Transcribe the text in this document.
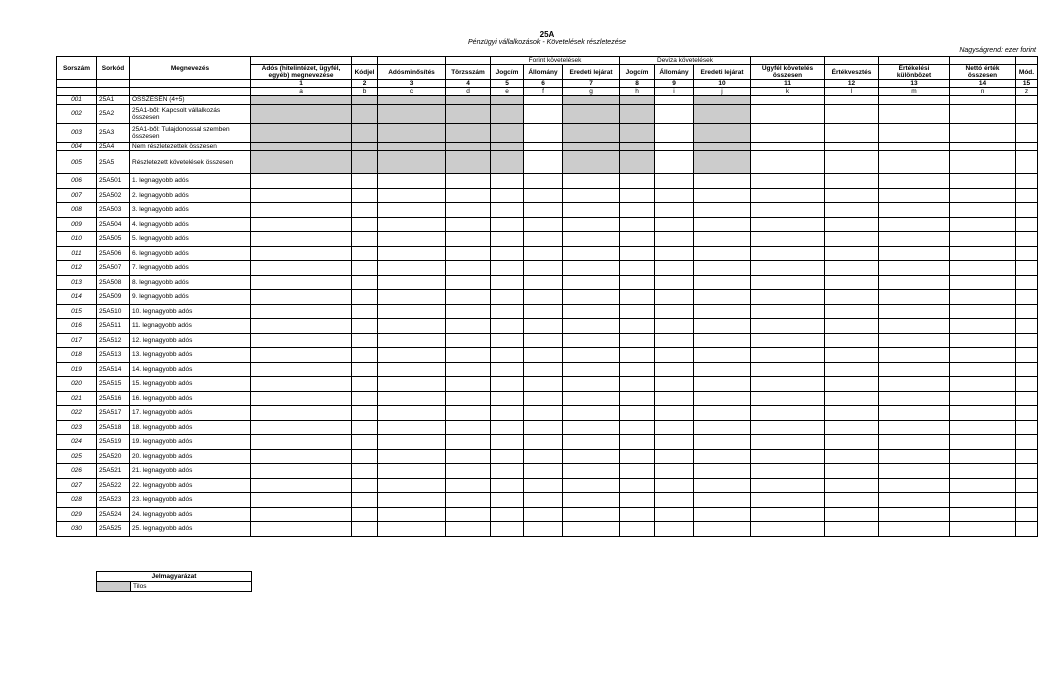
25A
Pénzügyi vállalkozások - Követelések részletezése
Nagyságrend: ezer forint
Sorszám	Sorkód	Megnevezés					Forint követelések			Deviza követelések							
			Adós (hitelintézet, ügyfél, egyéb) megnevezése	Kódjel	Adósminősítés	Törzsszám	Jogcím	Állomány	Eredeti lejárat	Jogcím	Állomány	Eredeti lejárat	Ügyfél követelés összesen	Értékvesztés	Értékelési különbözet	Nettó érték összesen	Mód.
			1	2	3	4	5	6	7	8	9	10	11	12	13	14	15
			a	b	c	d	e	f	g	h	i	j	k	l	m	n	z
001	25A1	ÖSSZESEN (4+5)															
002	25A2	25A1-ből: Kapcsolt vállalkozás összesen															
003	25A3	25A1-ből: Tulajdonossal szemben összesen															
004	25A4	Nem részletezettek összesen															
005	25A5	Részletezett követelések összesen															
006	25A501	1. legnagyobb adós															
007	25A502	2. legnagyobb adós															
008	25A503	3. legnagyobb adós															
009	25A504	4. legnagyobb adós															
010	25A505	5. legnagyobb adós															
011	25A506	6. legnagyobb adós															
012	25A507	7. legnagyobb adós															
013	25A508	8. legnagyobb adós															
014	25A509	9. legnagyobb adós															
015	25A510	10. legnagyobb adós															
016	25A511	11. legnagyobb adós															
017	25A512	12. legnagyobb adós															
018	25A513	13. legnagyobb adós															
019	25A514	14. legnagyobb adós															
020	25A515	15. legnagyobb adós															
021	25A516	16. legnagyobb adós															
022	25A517	17. legnagyobb adós															
023	25A518	18. legnagyobb adós															
024	25A519	19. legnagyobb adós															
025	25A520	20. legnagyobb adós															
026	25A521	21. legnagyobb adós															
027	25A522	22. legnagyobb adós															
028	25A523	23. legnagyobb adós															
029	25A524	24. legnagyobb adós															
030	25A525	25. legnagyobb adós															
Jelmagyarázat
	Tilos
